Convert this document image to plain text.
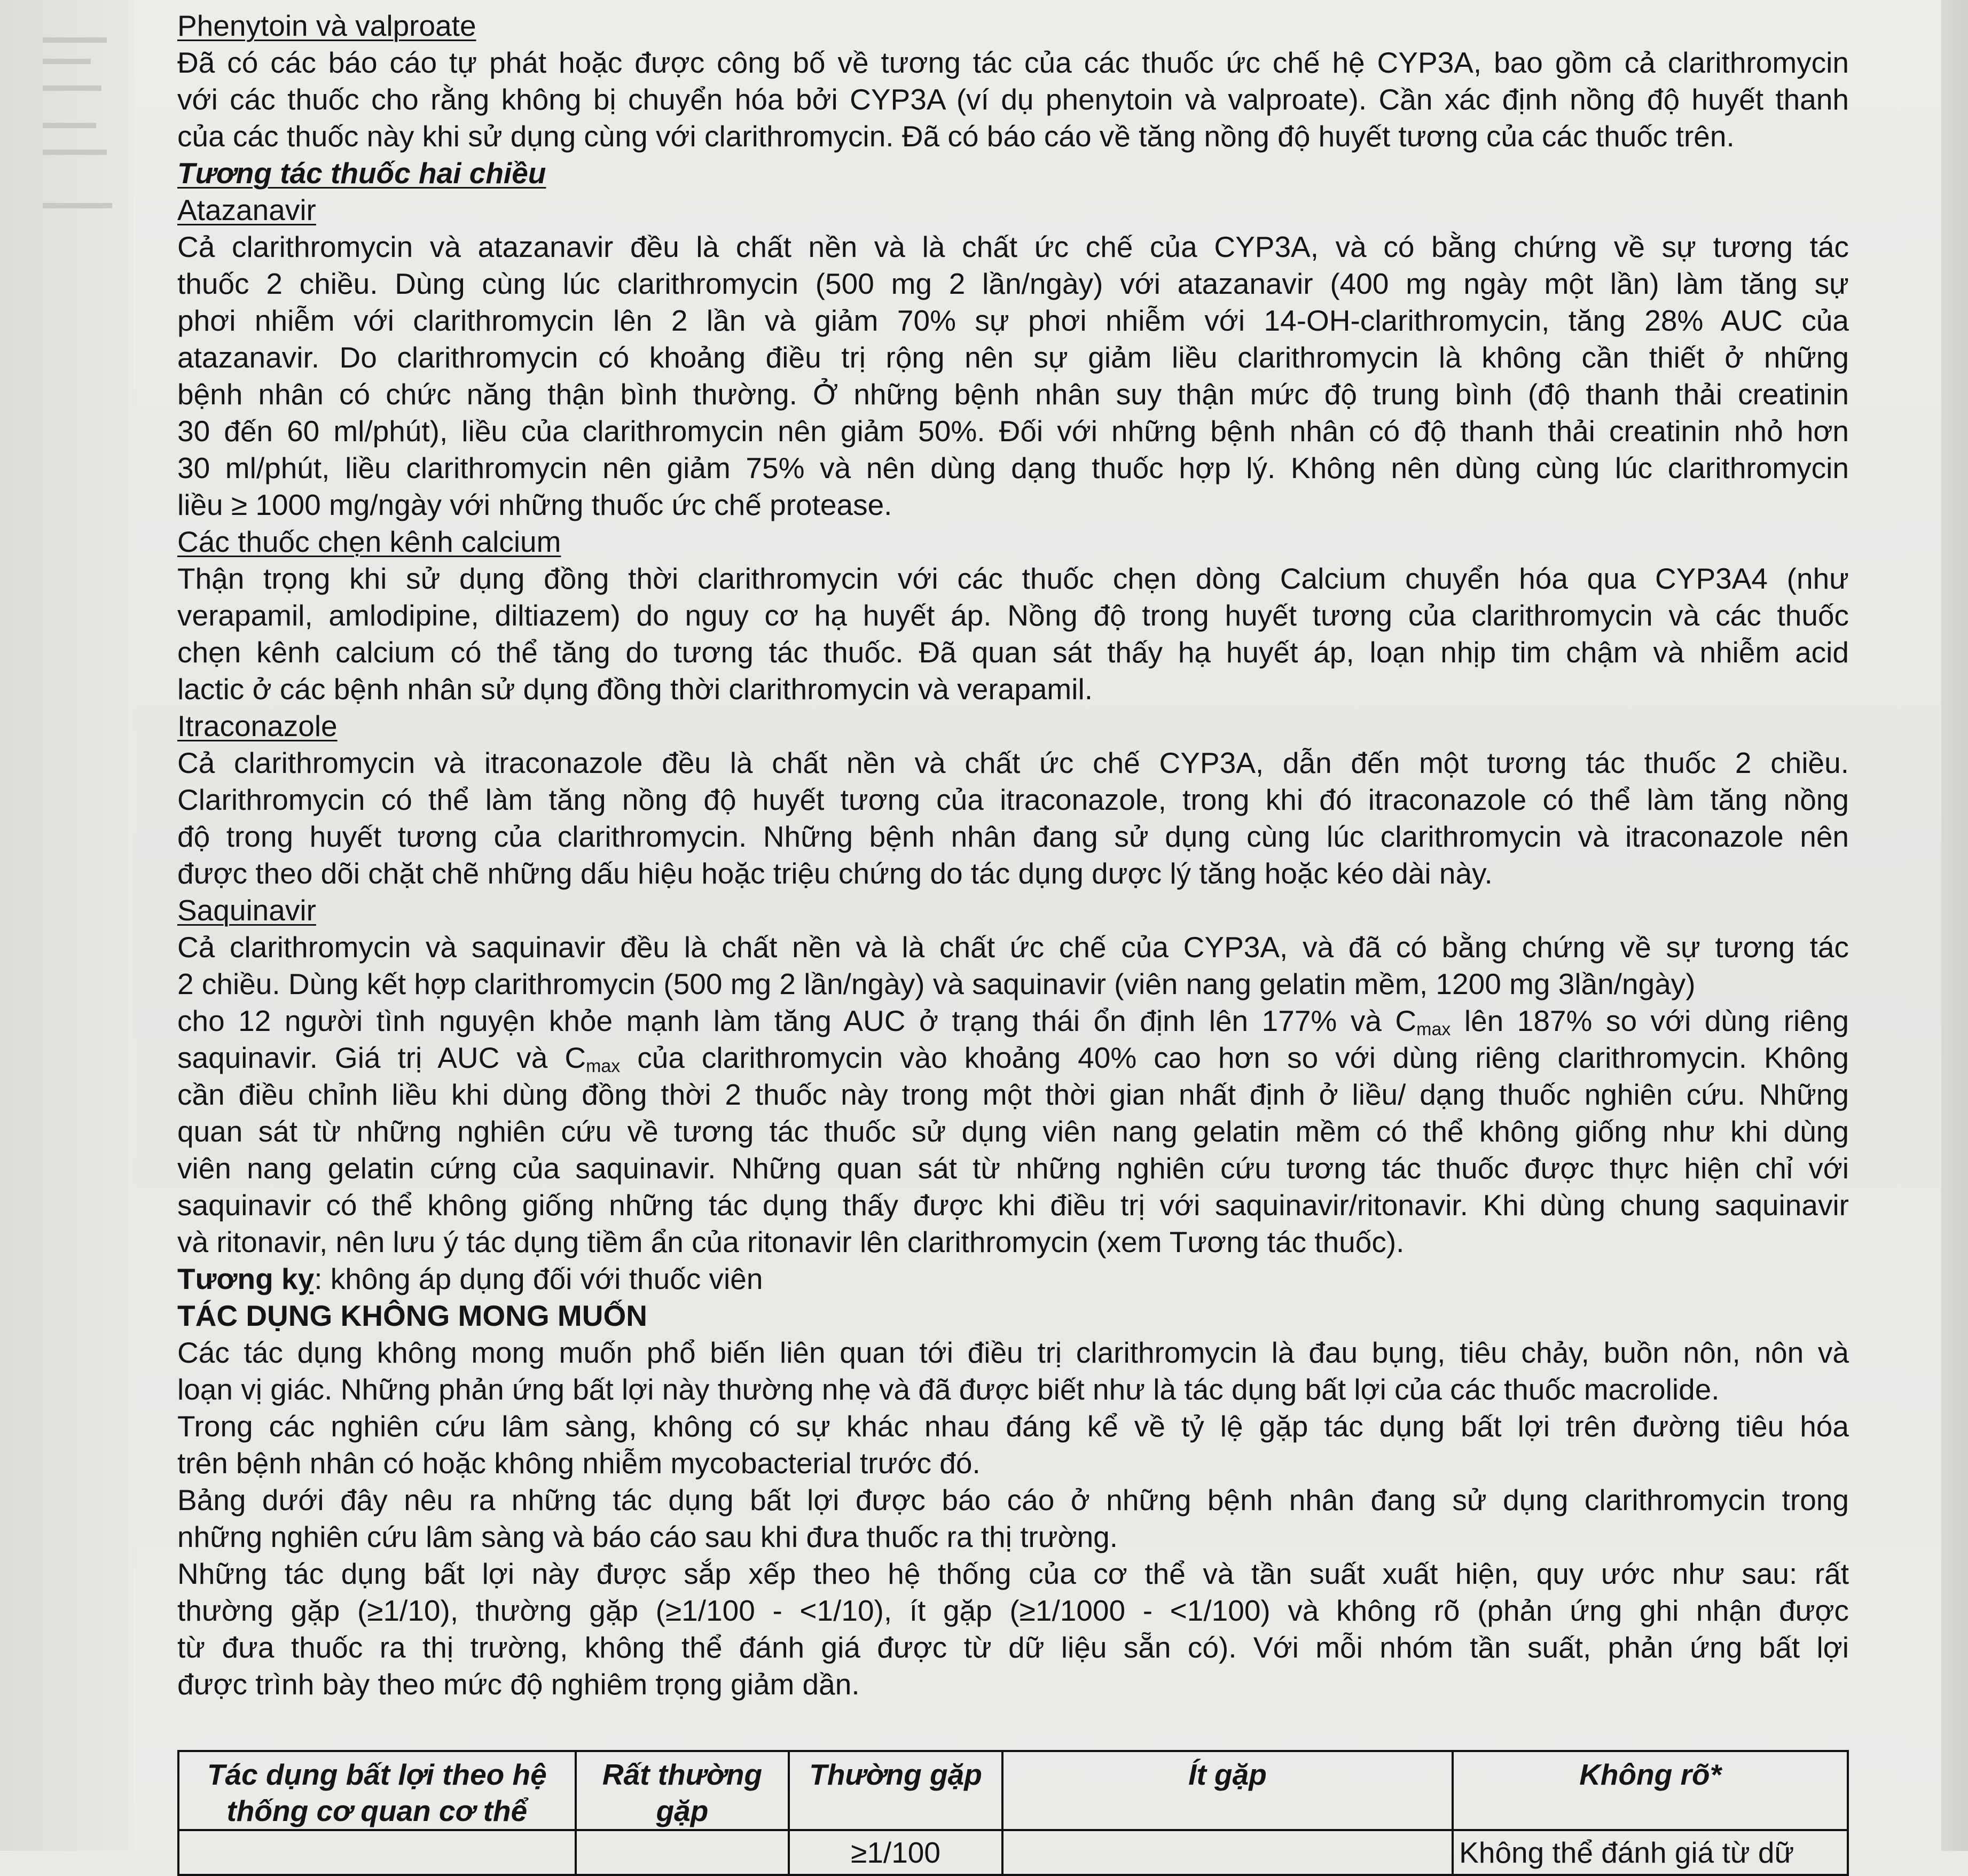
Phenytoin và valproate
Đã có các báo cáo tự phát hoặc được công bố về tương tác của các thuốc ức chế hệ CYP3A, bao gồm cả clarithromycin
với các thuốc cho rằng không bị chuyển hóa bởi CYP3A (ví dụ phenytoin và valproate). Cần xác định nồng độ huyết thanh
của các thuốc này khi sử dụng cùng với clarithromycin. Đã có báo cáo về tăng nồng độ huyết tương của các thuốc trên.
Tương tác thuốc hai chiều
Atazanavir
Cả clarithromycin và atazanavir đều là chất nền và là chất ức chế của CYP3A, và có bằng chứng về sự tương tác
thuốc 2 chiều. Dùng cùng lúc clarithromycin (500 mg 2 lần/ngày) với atazanavir (400 mg ngày một lần) làm tăng sự
phơi nhiễm với clarithromycin lên 2 lần và giảm 70% sự phơi nhiễm với 14-OH-clarithromycin, tăng 28% AUC của
atazanavir. Do clarithromycin có khoảng điều trị rộng nên sự giảm liều clarithromycin là không cần thiết ở những
bệnh nhân có chức năng thận bình thường. Ở những bệnh nhân suy thận mức độ trung bình (độ thanh thải creatinin
30 đến 60 ml/phút), liều của clarithromycin nên giảm 50%. Đối với những bệnh nhân có độ thanh thải creatinin nhỏ hơn
30 ml/phút, liều clarithromycin nên giảm 75% và nên dùng dạng thuốc hợp lý. Không nên dùng cùng lúc clarithromycin
liều ≥ 1000 mg/ngày với những thuốc ức chế protease.
Các thuốc chẹn kênh calcium
Thận trọng khi sử dụng đồng thời clarithromycin với các thuốc chẹn dòng Calcium chuyển hóa qua CYP3A4 (như
verapamil, amlodipine, diltiazem) do nguy cơ hạ huyết áp. Nồng độ trong huyết tương của clarithromycin và các thuốc
chẹn kênh calcium có thể tăng do tương tác thuốc. Đã quan sát thấy hạ huyết áp, loạn nhịp tim chậm và nhiễm acid
lactic ở các bệnh nhân sử dụng đồng thời clarithromycin và verapamil.
Itraconazole
Cả clarithromycin và itraconazole đều là chất nền và chất ức chế CYP3A, dẫn đến một tương tác thuốc 2 chiều.
Clarithromycin có thể làm tăng nồng độ huyết tương của itraconazole, trong khi đó itraconazole có thể làm tăng nồng
độ trong huyết tương của clarithromycin. Những bệnh nhân đang sử dụng cùng lúc clarithromycin và itraconazole nên
được theo dõi chặt chẽ những dấu hiệu hoặc triệu chứng do tác dụng dược lý tăng hoặc kéo dài này.
Saquinavir
Cả clarithromycin và saquinavir đều là chất nền và là chất ức chế của CYP3A, và đã có bằng chứng về sự tương tác
2 chiều. Dùng kết hợp clarithromycin (500 mg 2 lần/ngày) và saquinavir (viên nang gelatin mềm, 1200 mg 3lần/ngày)
cho 12 người tình nguyện khỏe mạnh làm tăng AUC ở trạng thái ổn định lên 177% và $C_{max}$ lên 187% so với dùng riêng
saquinavir. Giá trị AUC và $C_{max}$ của clarithromycin vào khoảng 40% cao hơn so với dùng riêng clarithromycin. Không
cần điều chỉnh liều khi dùng đồng thời 2 thuốc này trong một thời gian nhất định ở liều/ dạng thuốc nghiên cứu. Những
quan sát từ những nghiên cứu về tương tác thuốc sử dụng viên nang gelatin mềm có thể không giống như khi dùng
viên nang gelatin cứng của saquinavir. Những quan sát từ những nghiên cứu tương tác thuốc được thực hiện chỉ với
saquinavir có thể không giống những tác dụng thấy được khi điều trị với saquinavir/ritonavir. Khi dùng chung saquinavir
và ritonavir, nên lưu ý tác dụng tiềm ẩn của ritonavir lên clarithromycin (xem Tương tác thuốc).
Tương kỵ: không áp dụng đối với thuốc viên
TÁC DỤNG KHÔNG MONG MUỐN
Các tác dụng không mong muốn phổ biến liên quan tới điều trị clarithromycin là đau bụng, tiêu chảy, buồn nôn, nôn và
loạn vị giác. Những phản ứng bất lợi này thường nhẹ và đã được biết như là tác dụng bất lợi của các thuốc macrolide.
Trong các nghiên cứu lâm sàng, không có sự khác nhau đáng kể về tỷ lệ gặp tác dụng bất lợi trên đường tiêu hóa
trên bệnh nhân có hoặc không nhiễm mycobacterial trước đó.
Bảng dưới đây nêu ra những tác dụng bất lợi được báo cáo ở những bệnh nhân đang sử dụng clarithromycin trong
những nghiên cứu lâm sàng và báo cáo sau khi đưa thuốc ra thị trường.
Những tác dụng bất lợi này được sắp xếp theo hệ thống của cơ thể và tần suất xuất hiện, quy ước như sau: rất
thường gặp (≥1/10), thường gặp (≥1/100 - <1/10), ít gặp (≥1/1000 - <1/100) và không rõ (phản ứng ghi nhận được
từ đưa thuốc ra thị trường, không thể đánh giá được từ dữ liệu sẵn có). Với mỗi nhóm tần suất, phản ứng bất lợi
được trình bày theo mức độ nghiêm trọng giảm dần.
Tác dụng bất lợi theo hệ thống cơ quan cơ thể	Rất thường gặp	Thường gặp	Ít gặp	Không rõ*
		≥1/100		Không thể đánh giá từ dữ
